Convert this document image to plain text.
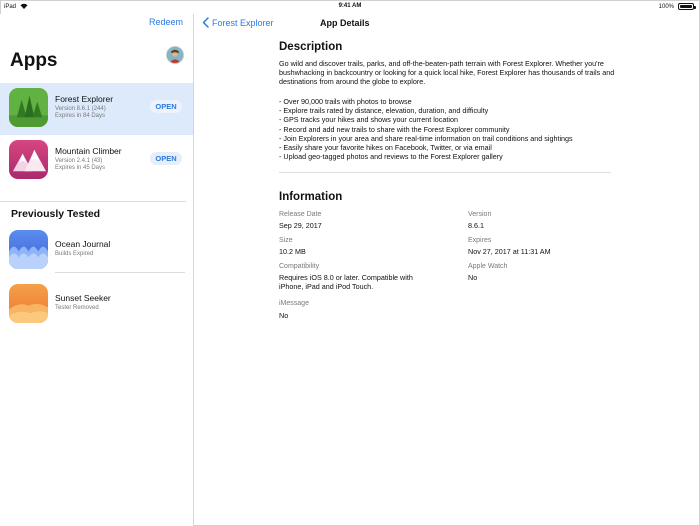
iPad	9:41 AM	100%
Redeem
Apps
Forest Explorer
Version 8.6.1 (244)
Expires in 84 Days
OPEN
Mountain Climber
Version 2.4.1 (43)
Expires in 45 Days
OPEN
Previously Tested
Ocean Journal
Builds Expired
Sunset Seeker
Tester Removed
Forest Explorer	App Details
Description
Go wild and discover trails, parks, and off-the-beaten-path terrain with Forest Explorer. Whether you're bushwhacking in backcountry or looking for a quick local hike, Forest Explorer has thousands of trails and destinations from around the globe to explore.
- Over 90,000 trails with photos to browse
- Explore trails rated by distance, elevation, duration, and difficulty
- GPS tracks your hikes and shows your current location
- Record and add new trails to share with the Forest Explorer community
- Join Explorers in your area and share real-time information on trail conditions and sightings
- Easily share your favorite hikes on Facebook, Twitter, or via email
- Upload geo-tagged photos and reviews to the Forest Explorer gallery
Information
Release Date
Sep 29, 2017
Version
8.6.1
Size
10.2 MB
Expires
Nov 27, 2017 at 11:31 AM
Compatibility
Requires iOS 8.0 or later. Compatible with
iPhone, iPad and iPod Touch.
Apple Watch
No
iMessage
No
